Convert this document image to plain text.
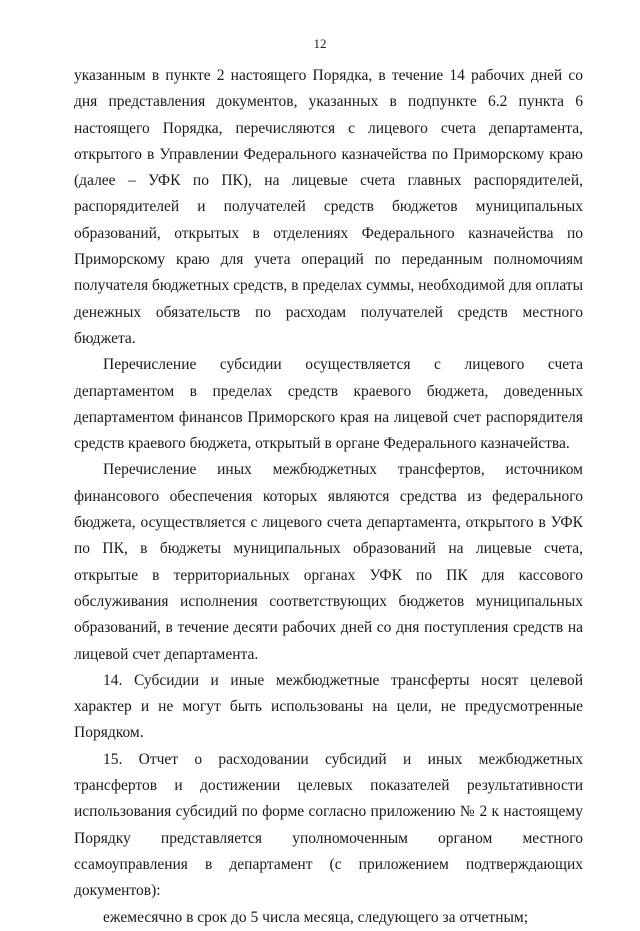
12

указанным в пункте 2 настоящего Порядка, в течение 14 рабочих дней со дня представления документов, указанных в подпункте 6.2 пункта 6 настоящего Порядка, перечисляются с лицевого счета департамента, открытого в Управлении Федерального казначейства по Приморскому краю (далее – УФК по ПК), на лицевые счета главных распорядителей, распорядителей и получателей средств бюджетов муниципальных образований, открытых в отделениях Федерального казначейства по Приморскому краю для учета операций по переданным полномочиям получателя бюджетных средств, в пределах суммы, необходимой для оплаты денежных обязательств по расходам получателей средств местного бюджета.

Перечисление субсидии осуществляется с лицевого счета департаментом в пределах средств краевого бюджета, доведенных департаментом финансов Приморского края на лицевой счет распорядителя средств краевого бюджета, открытый в органе Федерального казначейства.

Перечисление иных межбюджетных трансфертов, источником финансового обеспечения которых являются средства из федерального бюджета, осуществляется с лицевого счета департамента, открытого в УФК по ПК, в бюджеты муниципальных образований на лицевые счета, открытые в территориальных органах УФК по ПК для кассового обслуживания исполнения соответствующих бюджетов муниципальных образований, в течение десяти рабочих дней со дня поступления средств на лицевой счет департамента.

14. Субсидии и иные межбюджетные трансферты носят целевой характер и не могут быть использованы на цели, не предусмотренные Порядком.

15. Отчет о расходовании субсидий и иных межбюджетных трансфертов и достижении целевых показателей результативности использования субсидий по форме согласно приложению № 2 к настоящему Порядку представляется уполномоченным органом местного ссамоуправления в департамент (с приложением подтверждающих документов):

ежемесячно в срок до 5 числа месяца, следующего за отчетным;
